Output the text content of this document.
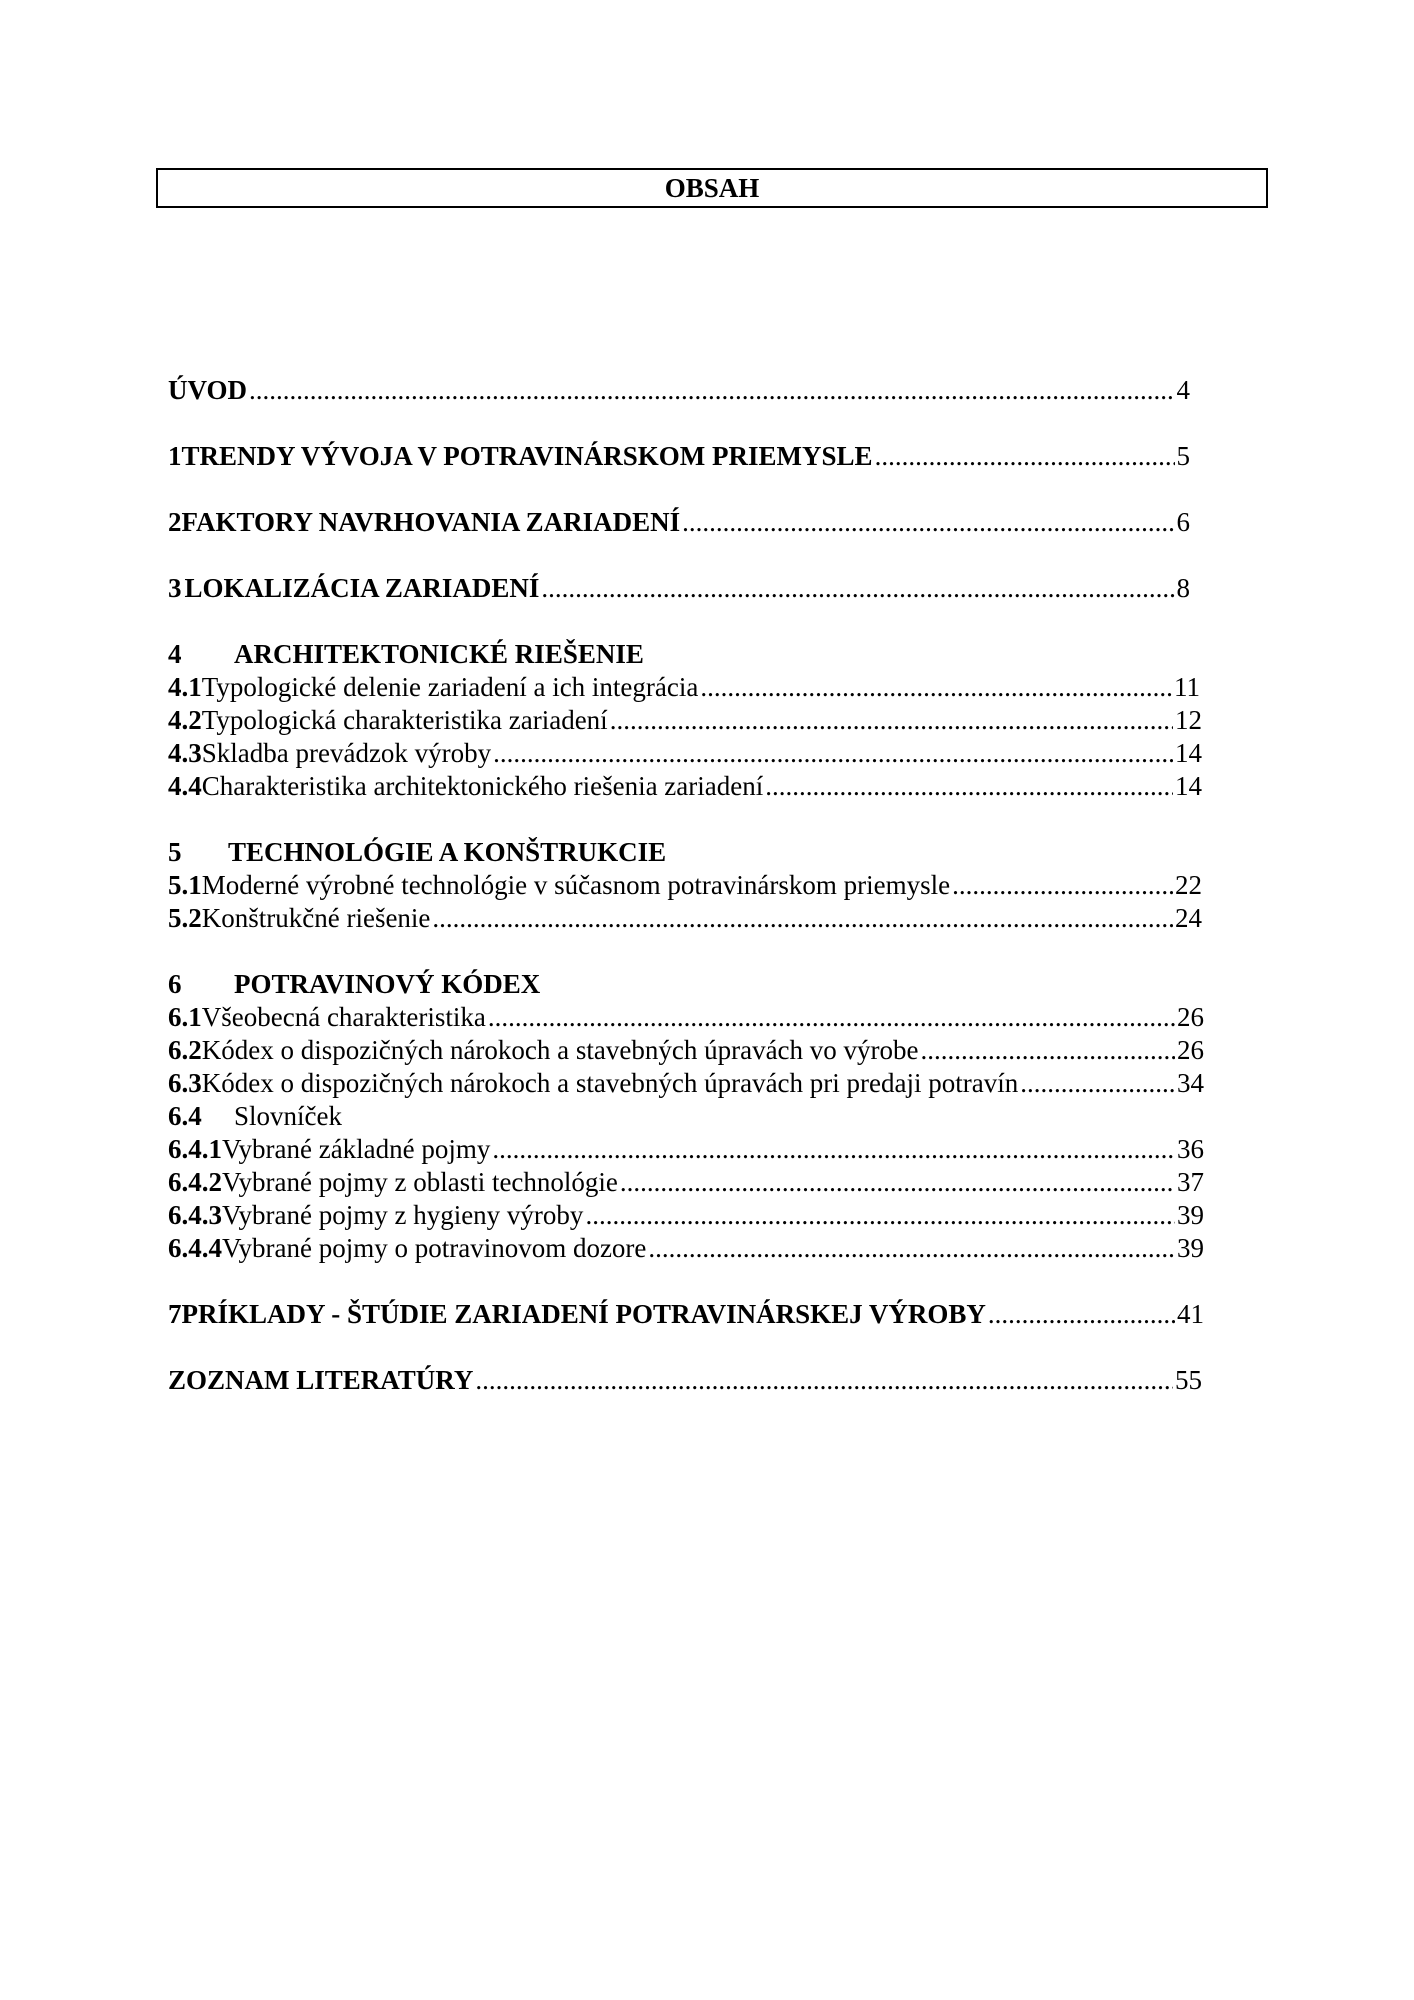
OBSAH
ÚVOD .....	4
1 TRENDY VÝVOJA V POTRAVINÁRSKOM PRIEMYSLE .....	5
2 FAKTORY NAVRHOVANIA ZARIADENÍ .....	6
3 LOKALIZÁCIA ZARIADENÍ .....	8
4	ARCHITEKTONICKÉ RIEŠENIE
4.1 Typologické delenie zariadení a ich integrácia .....	11
4.2 Typologická charakteristika zariadení .....	12
4.3 Skladba prevádzok výroby .....	14
4.4 Charakteristika architektonického riešenia zariadení .....	14
5	TECHNOLÓGIE A KONŠTRUKCIE
5.1 Moderné výrobné technológie v súčasnom potravinárskom priemysle .....	22
5.2 Konštrukčné riešenie .....	24
6	POTRAVINOVÝ KÓDEX
6.1 Všeobecná charakteristika .....	26
6.2 Kódex o dispozičných nárokoch a stavebných úpravách vo výrobe .....	26
6.3 Kódex o dispozičných nárokoch a stavebných úpravách pri predaji potravín .....	34
6.4	Slovníček
6.4.1 Vybrané základné pojmy .....	36
6.4.2 Vybrané pojmy z oblasti technológie .....	37
6.4.3 Vybrané pojmy z hygieny výroby .....	39
6.4.4 Vybrané pojmy o potravinovom dozore .....	39
7 PRÍKLADY - ŠTÚDIE ZARIADENÍ POTRAVINÁRSKEJ VÝROBY .....	41
ZOZNAM LITERATÚRY .....	55
